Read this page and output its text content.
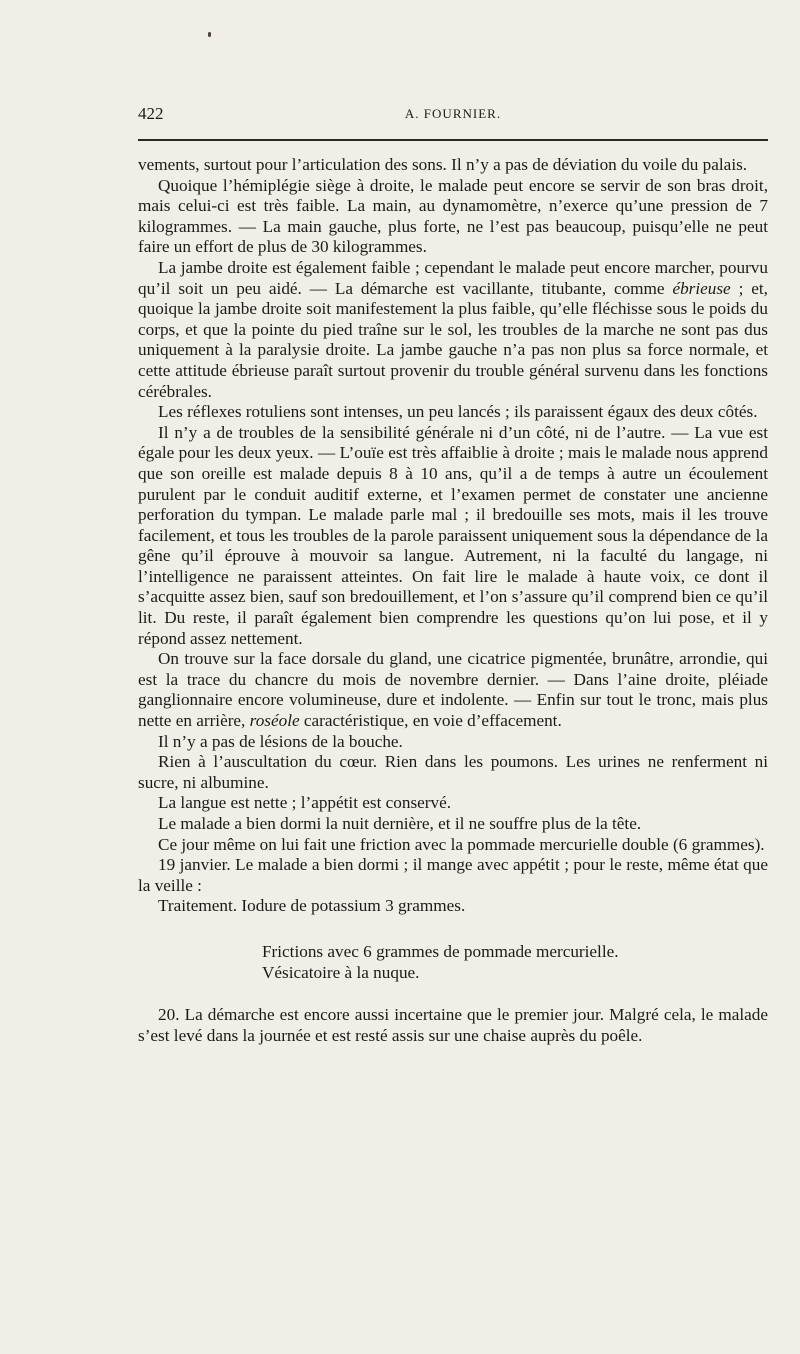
422	A. FOURNIER.

vements, surtout pour l’articulation des sons. Il n’y a pas de déviation du voile du palais.

Quoique l’hémiplégie siège à droite, le malade peut encore se servir de son bras droit, mais celui-ci est très faible. La main, au dynamomètre, n’exerce qu’une pression de 7 kilogrammes. — La main gauche, plus forte, ne l’est pas beaucoup, puisqu’elle ne peut faire un effort de plus de 30 kilogrammes.

La jambe droite est également faible ; cependant le malade peut encore marcher, pourvu qu’il soit un peu aidé. — La démarche est vacillante, titubante, comme ébrieuse ; et, quoique la jambe droite soit manifestement la plus faible, qu’elle fléchisse sous le poids du corps, et que la pointe du pied traîne sur le sol, les troubles de la marche ne sont pas dus uniquement à la paralysie droite. La jambe gauche n’a pas non plus sa force normale, et cette attitude ébrieuse paraît surtout provenir du trouble général survenu dans les fonctions cérébrales.

Les réflexes rotuliens sont intenses, un peu lancés ; ils paraissent égaux des deux côtés.

Il n’y a de troubles de la sensibilité générale ni d’un côté, ni de l’autre. — La vue est égale pour les deux yeux. — L’ouïe est très affaiblie à droite ; mais le malade nous apprend que son oreille est malade depuis 8 à 10 ans, qu’il a de temps à autre un écoulement purulent par le conduit auditif externe, et l’examen permet de constater une ancienne perforation du tympan. Le malade parle mal ; il bredouille ses mots, mais il les trouve facilement, et tous les troubles de la parole paraissent uniquement sous la dépendance de la gêne qu’il éprouve à mouvoir sa langue. Autrement, ni la faculté du langage, ni l’intelligence ne paraissent atteintes. On fait lire le malade à haute voix, ce dont il s’acquitte assez bien, sauf son bredouillement, et l’on s’assure qu’il comprend bien ce qu’il lit. Du reste, il paraît également bien comprendre les questions qu’on lui pose, et il y répond assez nettement.

On trouve sur la face dorsale du gland, une cicatrice pigmentée, brunâtre, arrondie, qui est la trace du chancre du mois de novembre dernier. — Dans l’aine droite, pléiade ganglionnaire encore volumineuse, dure et indolente. — Enfin sur tout le tronc, mais plus nette en arrière, roséole caractéristique, en voie d’effacement.

Il n’y a pas de lésions de la bouche.

Rien à l’auscultation du cœur. Rien dans les poumons. Les urines ne renferment ni sucre, ni albumine.

La langue est nette ; l’appétit est conservé.

Le malade a bien dormi la nuit dernière, et il ne souffre plus de la tête.

Ce jour même on lui fait une friction avec la pommade mercurielle double (6 grammes).

19 janvier. Le malade a bien dormi ; il mange avec appétit ; pour le reste, même état que la veille :

Traitement. Iodure de potassium 3 grammes.

Frictions avec 6 grammes de pommade mercurielle.
Vésicatoire à la nuque.

20. La démarche est encore aussi incertaine que le premier jour. Malgré cela, le malade s’est levé dans la journée et est resté assis sur une chaise auprès du poêle.
